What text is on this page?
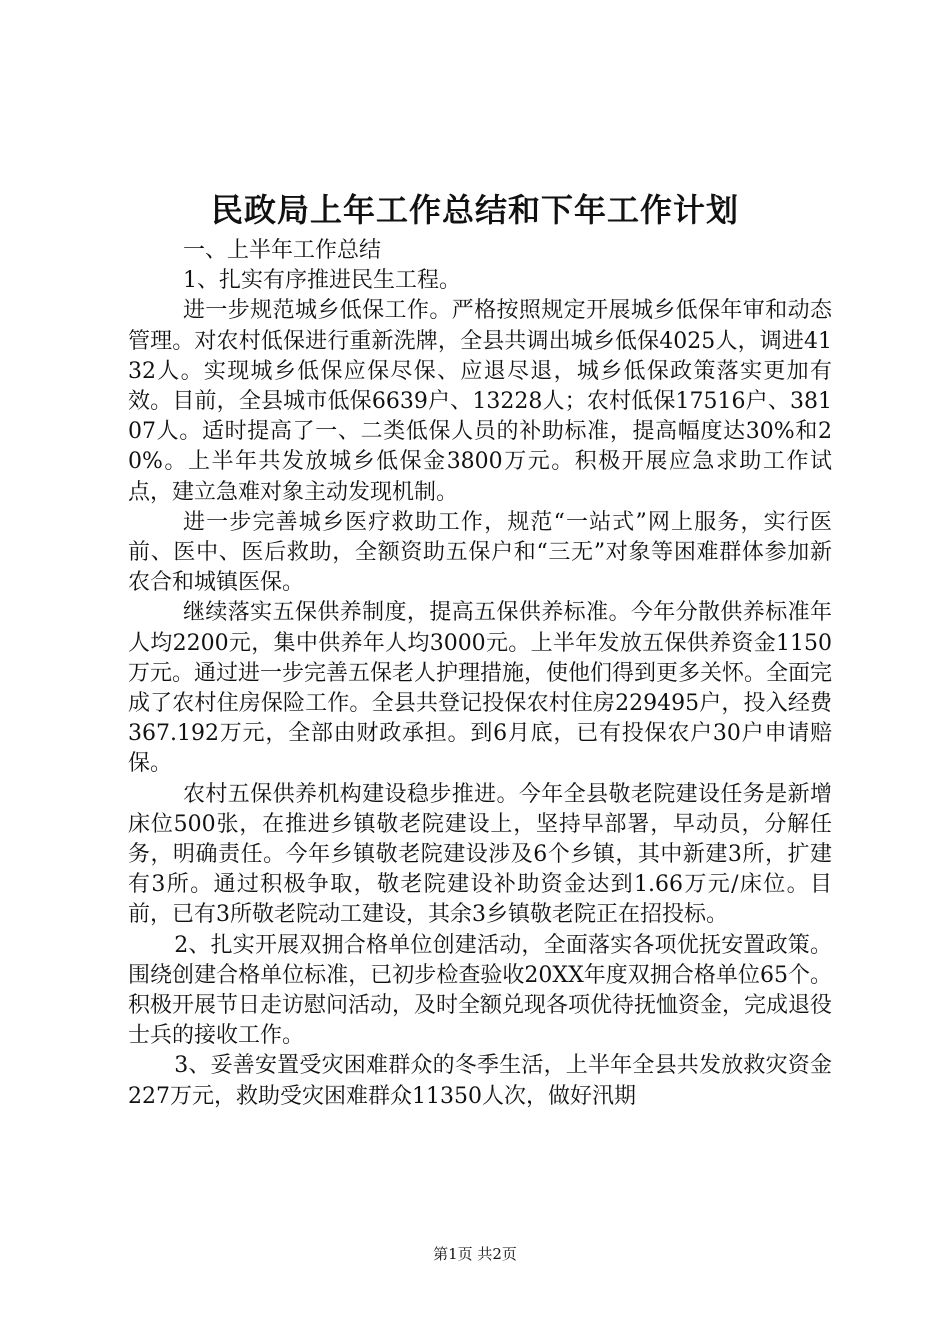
民政局上年工作总结和下年工作计划

一、上半年工作总结

1、扎实有序推进民生工程。

进一步规范城乡低保工作。严格按照规定开展城乡低保年审和动态管理。对农村低保进行重新洗牌，全县共调出城乡低保4025人，调进4132人。实现城乡低保应保尽保、应退尽退，城乡低保政策落实更加有效。目前，全县城市低保6639户、13228人；农村低保17516户、38107人。适时提高了一、二类低保人员的补助标准，提高幅度达30%和20%。上半年共发放城乡低保金3800万元。积极开展应急求助工作试点，建立急难对象主动发现机制。

进一步完善城乡医疗救助工作，规范“一站式”网上服务，实行医前、医中、医后救助，全额资助五保户和“三无”对象等困难群体参加新农合和城镇医保。

继续落实五保供养制度，提高五保供养标准。今年分散供养标准年人均2200元，集中供养年人均3000元。上半年发放五保供养资金1150万元。通过进一步完善五保老人护理措施，使他们得到更多关怀。全面完成了农村住房保险工作。全县共登记投保农村住房229495户，投入经费367.192万元，全部由财政承担。到6月底，已有投保农户30户申请赔保。

农村五保供养机构建设稳步推进。今年全县敬老院建设任务是新增床位500张，在推进乡镇敬老院建设上，坚持早部署，早动员，分解任务，明确责任。今年乡镇敬老院建设涉及6个乡镇，其中新建3所，扩建有3所。通过积极争取，敬老院建设补助资金达到1.66万元/床位。目前，已有3所敬老院动工建设，其余3乡镇敬老院正在招投标。

2、扎实开展双拥合格单位创建活动，全面落实各项优抚安置政策。围绕创建合格单位标准，已初步检查验收20XX年度双拥合格单位65个。积极开展节日走访慰问活动，及时全额兑现各项优待抚恤资金，完成退役士兵的接收工作。

3、妥善安置受灾困难群众的冬季生活，上半年全县共发放救灾资金227万元，救助受灾困难群众11350人次，做好汛期

第1页 共2页
